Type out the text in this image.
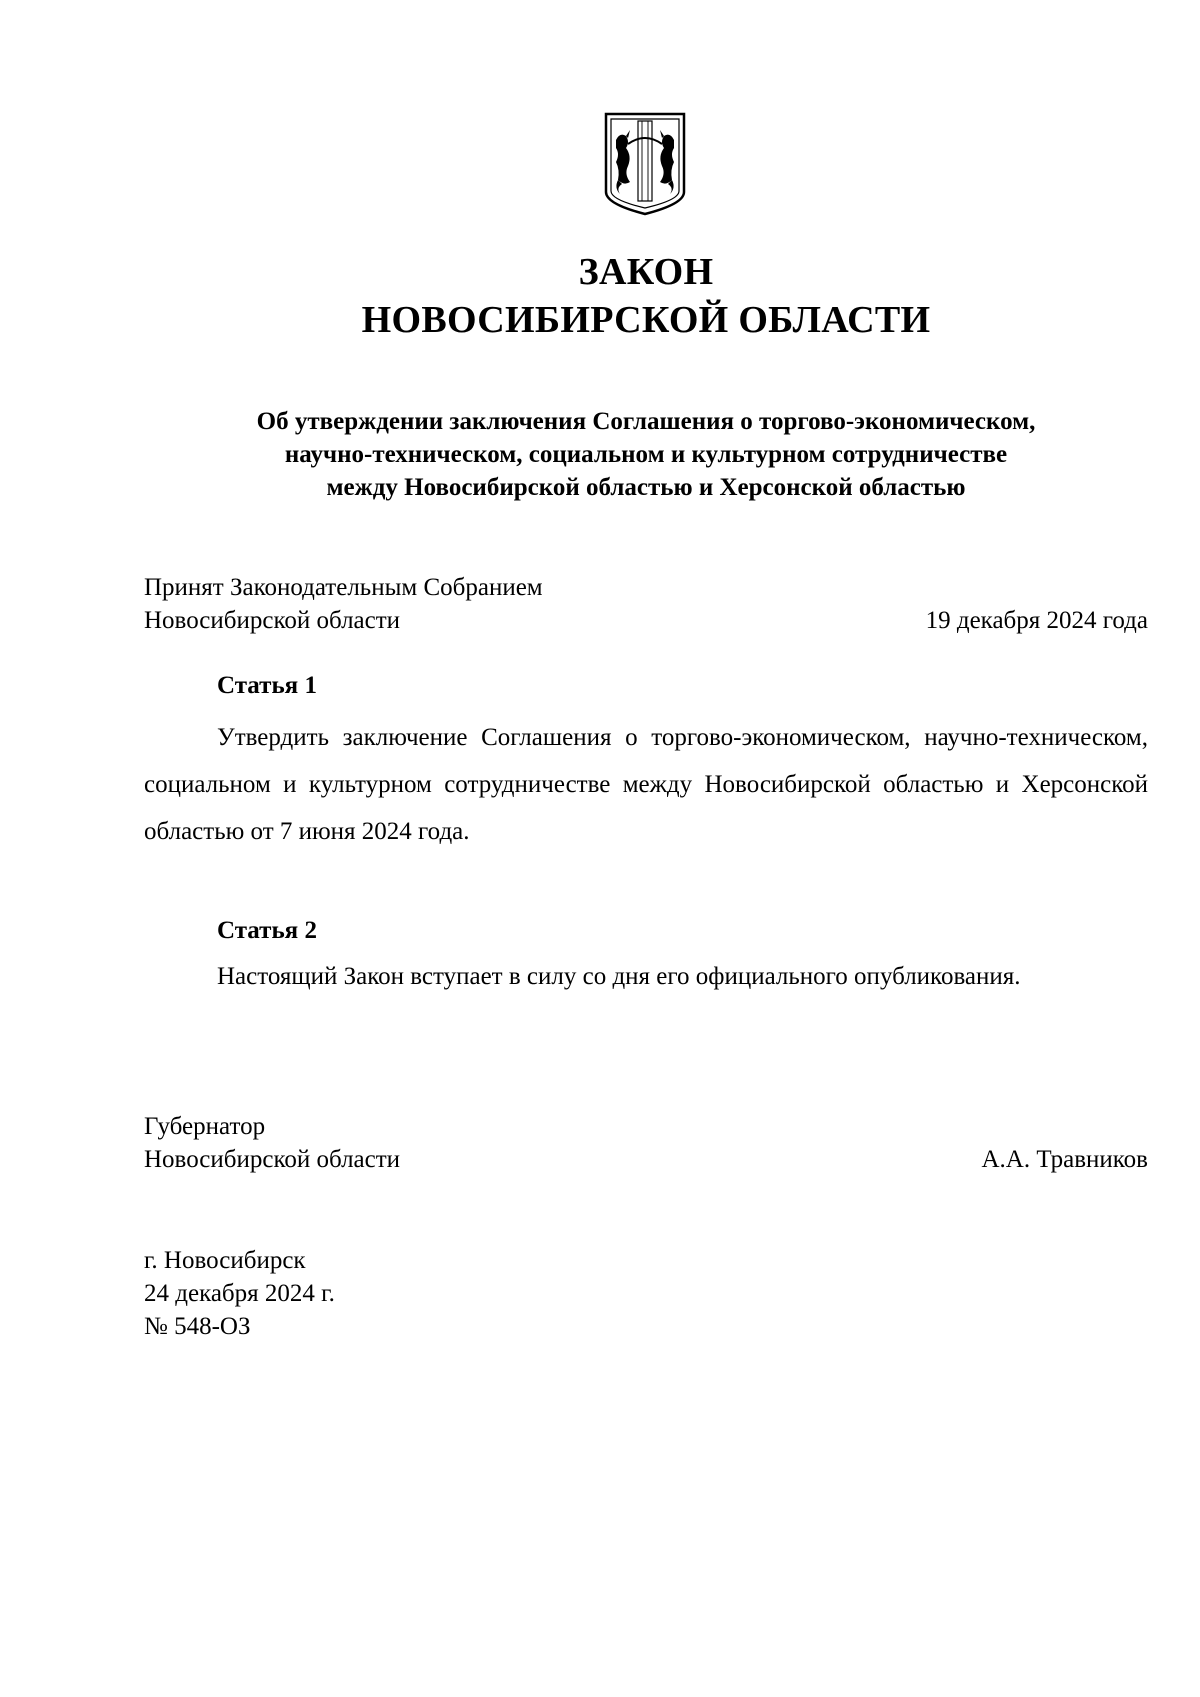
ЗАКОН
НОВОСИБИРСКОЙ ОБЛАСТИ
Об утверждении заключения Соглашения о торгово-экономическом,
научно-техническом, социальном и культурном сотрудничестве
между Новосибирской областью и Херсонской областью
Принят Законодательным Собранием
Новосибирской области	19 декабря 2024 года
Статья 1
Утвердить заключение Соглашения о торгово-экономическом, научно-техническом, социальном и культурном сотрудничестве между Новосибирской областью и Херсонской областью от 7 июня 2024 года.
Статья 2
Настоящий Закон вступает в силу со дня его официального опубликования.
Губернатор
Новосибирской области	А.А. Травников
г. Новосибирск
24 декабря 2024 г.
№ 548-ОЗ
